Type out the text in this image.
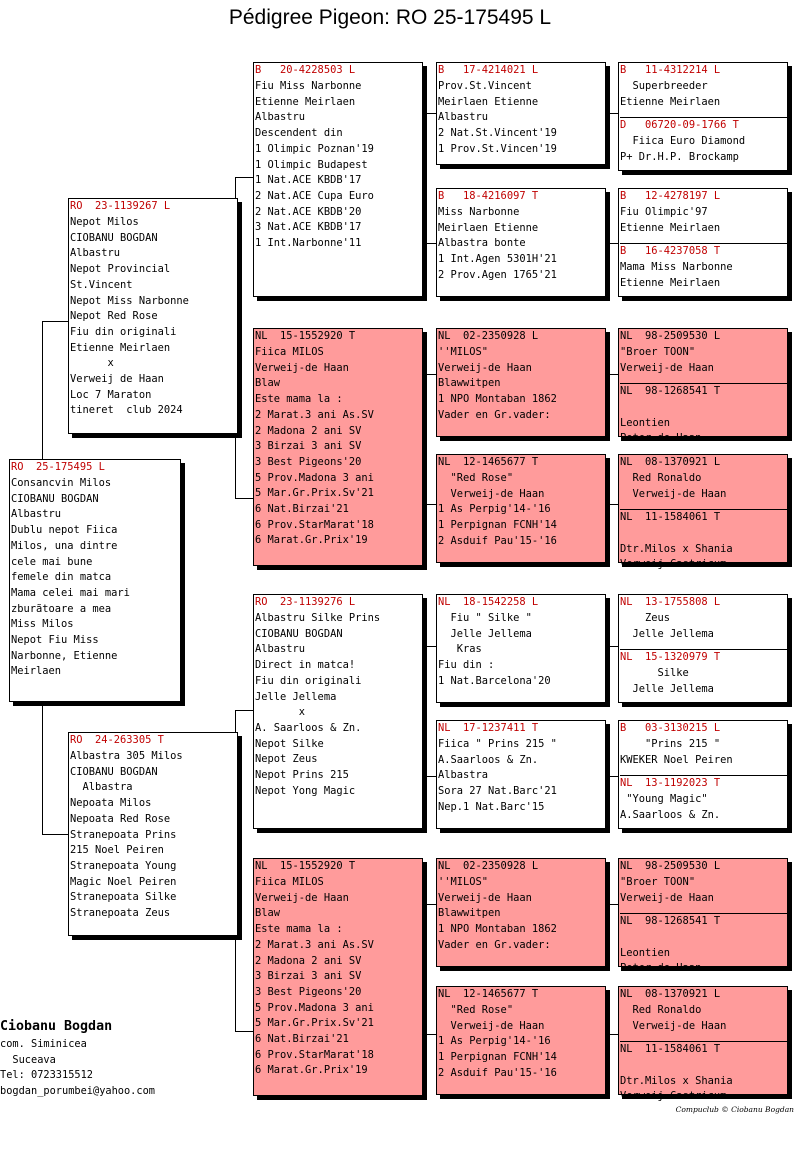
Pédigree Pigeon: RO 25-175495 L
RO  25-175495 L
Consancvin Milos
CIOBANU BOGDAN
Albastru
Dublu nepot Fiica
Milos, una dintre
cele mai bune
femele din matca
Mama celei mai mari
zburãtoare a mea
Miss Milos
Nepot Fiu Miss
Narbonne, Etienne
Meirlaen
RO  23-1139267 L
Nepot Milos
CIOBANU BOGDAN
Albastru
Nepot Provincial
St.Vincent
Nepot Miss Narbonne
Nepot Red Rose
Fiu din originali
Etienne Meirlaen
x
Verweij de Haan
Loc 7 Maraton
tineret  club 2024
RO  24-263305 T
Albastra 305 Milos
CIOBANU BOGDAN
Albastra
Nepoata Milos
Nepoata Red Rose
Stranepoata Prins
215 Noel Peiren
Stranepoata Young
Magic Noel Peiren
Stranepoata Silke
Stranepoata Zeus
B   20-4228503 L
Fiu Miss Narbonne
Etienne Meirlaen
Albastru
Descendent din
1 Olimpic Poznan'19
1 Olimpic Budapest
1 Nat.ACE KBDB'17
2 Nat.ACE Cupa Euro
2 Nat.ACE KBDB'20
3 Nat.ACE KBDB'17
1 Int.Narbonne'11
NL  15-1552920 T
Fiica MILOS
Verweij-de Haan
Blaw
Este mama la :
2 Marat.3 ani As.SV
2 Madona 2 ani SV
3 Birzai 3 ani SV
3 Best Pigeons'20
5 Prov.Madona 3 ani
5 Mar.Gr.Prix.Sv'21
6 Nat.Birzai'21
6 Prov.StarMarat'18
6 Marat.Gr.Prix'19
RO  23-1139276 L
Albastru Silke Prins
CIOBANU BOGDAN
Albastru
Direct in matca!
Fiu din originali
Jelle Jellema
x
A. Saarloos & Zn.
Nepot Silke
Nepot Zeus
Nepot Prins 215
Nepot Yong Magic
NL  15-1552920 T
Fiica MILOS
Verweij-de Haan
Blaw
Este mama la :
2 Marat.3 ani As.SV
2 Madona 2 ani SV
3 Birzai 3 ani SV
3 Best Pigeons'20
5 Prov.Madona 3 ani
5 Mar.Gr.Prix.Sv'21
6 Nat.Birzai'21
6 Prov.StarMarat'18
6 Marat.Gr.Prix'19
B   17-4214021 L
Prov.St.Vincent
Meirlaen Etienne
Albastru
2 Nat.St.Vincent'19
1 Prov.St.Vincen'19
B   18-4216097 T
Miss Narbonne
Meirlaen Etienne
Albastra bonte
1 Int.Agen 5301H'21
2 Prov.Agen 1765'21
NL  02-2350928 L
''MILOS"
Verweij-de Haan
Blawwitpen
1 NPO Montaban 1862
Vader en Gr.vader:
NL  12-1465677 T
"Red Rose"
Verweij-de Haan
1 As Perpig'14-'16
1 Perpignan FCNH'14
2 Asduif Pau'15-'16
NL  18-1542258 L
Fiu " Silke "
Jelle Jellema
Kras
Fiu din :
1 Nat.Barcelona'20
NL  17-1237411 T
Fiica " Prins 215 "
A.Saarloos & Zn.
Albastra
Sora 27 Nat.Barc'21
Nep.1 Nat.Barc'15
NL  02-2350928 L
''MILOS"
Verweij-de Haan
Blawwitpen
1 NPO Montaban 1862
Vader en Gr.vader:
NL  12-1465677 T
"Red Rose"
Verweij-de Haan
1 As Perpig'14-'16
1 Perpignan FCNH'14
2 Asduif Pau'15-'16
B   11-4312214 L
Superbreeder
Etienne Meirlaen
D   06720-09-1766 T
Fiica Euro Diamond
P+ Dr.H.P. Brockamp
B   12-4278197 L
Fiu Olimpic'97
Etienne Meirlaen
B   16-4237058 T
Mama Miss Narbonne
Etienne Meirlaen
NL  98-2509530 L
"Broer TOON"
Verweij-de Haan
NL  98-1268541 T
Leontien
Peter de Haan
NL  08-1370921 L
Red Ronaldo
Verweij-de Haan
NL  11-1584061 T
Dtr.Milos x Shania
Verweij-Castricum
NL  13-1755808 L
Zeus
Jelle Jellema
NL  15-1320979 T
Silke
Jelle Jellema
B   03-3130215 L
"Prins 215 "
KWEKER Noel Peiren
NL  13-1192023 T
"Young Magic"
A.Saarloos & Zn.
NL  98-2509530 L
"Broer TOON"
Verweij-de Haan
NL  98-1268541 T
Leontien
Peter de Haan
NL  08-1370921 L
Red Ronaldo
Verweij-de Haan
NL  11-1584061 T
Dtr.Milos x Shania
Verweij-Castricum
Ciobanu Bogdan
com. Siminicea
Suceava
Tel: 0723315512
bogdan_porumbei@yahoo.com
Compuclub © Ciobanu Bogdan
